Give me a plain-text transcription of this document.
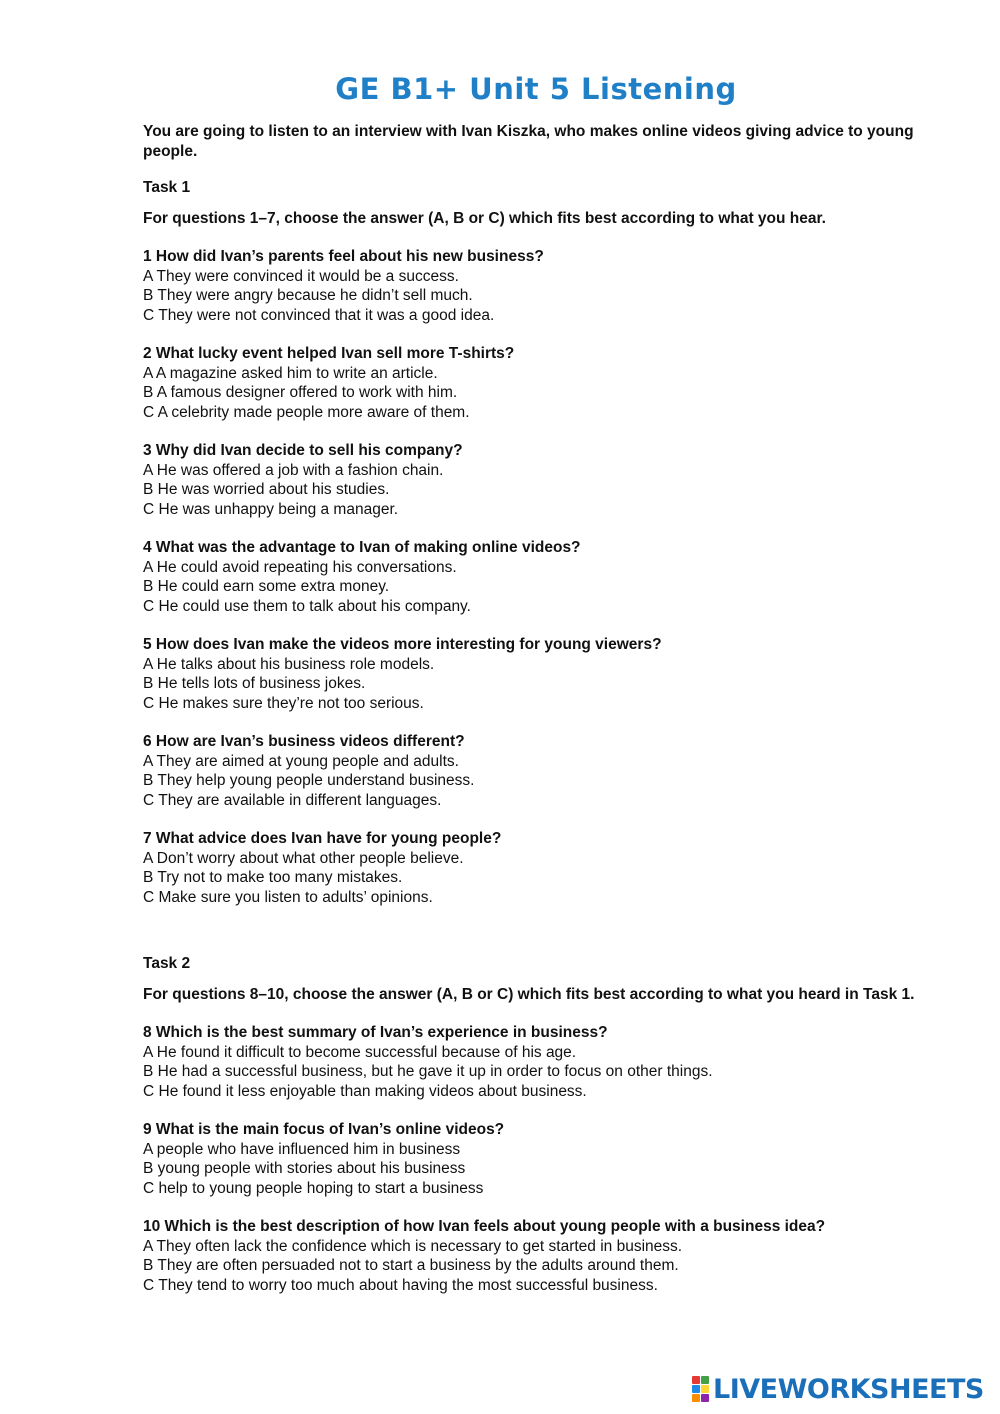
GE B1+ Unit 5 Listening

You are going to listen to an interview with Ivan Kiszka, who makes online videos giving advice to young people.

Task 1

For questions 1–7, choose the answer (A, B or C) which fits best according to what you hear.

1 How did Ivan’s parents feel about his new business?
A They were convinced it would be a success.
B They were angry because he didn’t sell much.
C They were not convinced that it was a good idea.
2 What lucky event helped Ivan sell more T-shirts?
A A magazine asked him to write an article.
B A famous designer offered to work with him.
C A celebrity made people more aware of them.
3 Why did Ivan decide to sell his company?
A He was offered a job with a fashion chain.
B He was worried about his studies.
C He was unhappy being a manager.
4 What was the advantage to Ivan of making online videos?
A He could avoid repeating his conversations.
B He could earn some extra money.
C He could use them to talk about his company.
5 How does Ivan make the videos more interesting for young viewers?
A He talks about his business role models.
B He tells lots of business jokes.
C He makes sure they’re not too serious.
6 How are Ivan’s business videos different?
A They are aimed at young people and adults.
B They help young people understand business.
C They are available in different languages.
7 What advice does Ivan have for young people?
A Don’t worry about what other people believe.
B Try not to make too many mistakes.
C Make sure you listen to adults’ opinions.

Task 2

For questions 8–10, choose the answer (A, B or C) which fits best according to what you heard in Task 1.

8 Which is the best summary of Ivan’s experience in business?
A He found it difficult to become successful because of his age.
B He had a successful business, but he gave it up in order to focus on other things.
C He found it less enjoyable than making videos about business.
9 What is the main focus of Ivan’s online videos?
A people who have influenced him in business
B young people with stories about his business
C help to young people hoping to start a business
10 Which is the best description of how Ivan feels about young people with a business idea?
A They often lack the confidence which is necessary to get started in business.
B They are often persuaded not to start a business by the adults around them.
C They tend to worry too much about having the most successful business.
LIVEWORKSHEETS
